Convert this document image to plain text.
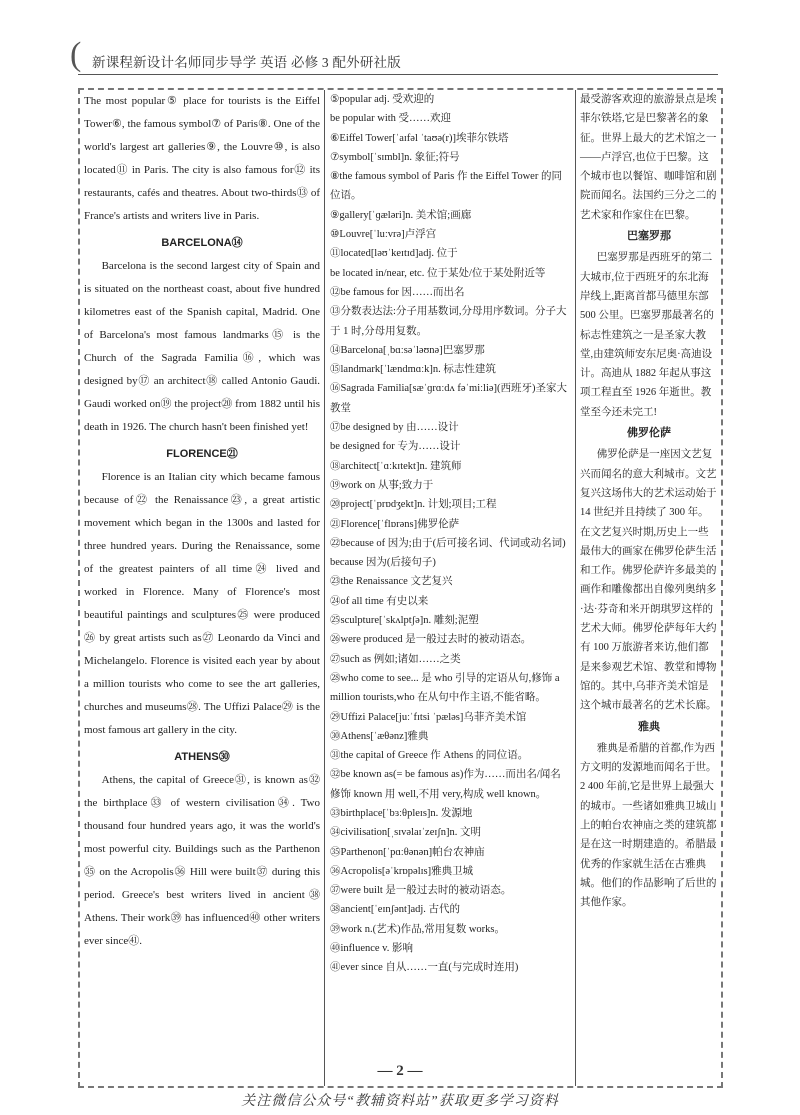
( 新课程新设计名师同步导学 英语 必修 3 配外研社版
The most popular⑤ place for tourists is the Eiffel Tower⑥, the famous symbol⑦ of Paris⑧. One of the world's largest art galleries⑨, the Louvre⑩, is also located⑪ in Paris. The city is also famous for⑫ its restaurants, cafés and theatres. About two-thirds⑬ of France's artists and writers live in Paris.
BARCELONA⑭
Barcelona is the second largest city of Spain and is situated on the northeast coast, about five hundred kilometres east of the Spanish capital, Madrid. One of Barcelona's most famous landmarks⑮ is the Church of the Sagrada Familia⑯, which was designed by⑰ an architect⑱ called Antonio Gaudi. Gaudi worked on⑲ the project⑳ from 1882 until his death in 1926. The church hasn't been finished yet!
FLORENCE㉑
Florence is an Italian city which became famous because of㉒ the Renaissance㉓, a great artistic movement which began in the 1300s and lasted for three hundred years. During the Renaissance, some of the greatest painters of all time㉔ lived and worked in Florence. Many of Florence's most beautiful paintings and sculptures㉕ were produced㉖ by great artists such as㉗ Leonardo da Vinci and Michelangelo. Florence is visited each year by about a million tourists who come to see the art galleries, churches and museums㉘. The Uffizi Palace㉙ is the most famous art gallery in the city.
ATHENS㉚
Athens, the capital of Greece㉛, is known as㉜ the birthplace㉝ of western civilisation㉞. Two thousand four hundred years ago, it was the world's most powerful city. Buildings such as the Parthenon㉟ on the Acropolis㊱ Hill were built㊲ during this period. Greece's best writers lived in ancient㊳ Athens. Their work㊴ has influenced㊵ other writers ever since㊶.
⑤popular adj. 受欢迎的
be popular with 受……欢迎
⑥Eiffel Tower[ˈaɪfəl ˈtaʊə(r)]埃菲尔铁塔
⑦symbol[ˈsɪmbl]n. 象征;符号
⑧the famous symbol of Paris 作 the Eiffel Tower 的同位语。
⑨gallery[ˈɡæləri]n. 美术馆;画廊
⑩Louvre[ˈluːvrə]卢浮宫
⑪located[ləʊˈkeɪtɪd]adj. 位于
be located in/near, etc. 位于某处/位于某处附近等
⑫be famous for 因……而出名
⑬分数表达法:分子用基数词,分母用序数词。分子大于 1 时,分母用复数。
⑭Barcelona[ˌbɑːsəˈləʊnə]巴塞罗那
⑮landmark[ˈlændmɑːk]n. 标志性建筑
⑯Sagrada Familia[sæˈɡrɑːdʌ fəˈmiːliə](西班牙)圣家大教堂
⑰be designed by 由……设计
be designed for 专为……设计
⑱architect[ˈɑːkɪtekt]n. 建筑师
⑲work on 从事;致力于
⑳project[ˈprɒdʒekt]n. 计划;项目;工程
㉑Florence[ˈflɒrəns]佛罗伦萨
㉒because of 因为;由于(后可接名词、代词或动名词)
because 因为(后接句子)
㉓the Renaissance 文艺复兴
㉔of all time 有史以来
㉕sculpture[ˈskʌlptʃə]n. 雕刻;泥塑
㉖were produced 是一般过去时的被动语态。
㉗such as 例如;诸如……之类
㉘who come to see... 是 who 引导的定语从句,修饰 a million tourists,who 在从句中作主语,不能省略。
㉙Uffizi Palace[juːˈfɪtsi ˈpæləs]乌菲齐美术馆
㉚Athens[ˈæθənz]雅典
㉛the capital of Greece 作 Athens 的同位语。
㉜be known as(= be famous as)作为……而出名/闻名
修饰 known 用 well,不用 very,构成 well known。
㉝birthplace[ˈbɜːθpleɪs]n. 发源地
㉞civilisation[ˌsɪvəlaɪˈzeɪʃn]n. 文明
㉟Parthenon[ˈpɑːθənən]帕台农神庙
㊱Acropolis[əˈkrɒpəlɪs]雅典卫城
㊲were built 是一般过去时的被动语态。
㊳ancient[ˈeɪnʃənt]adj. 古代的
㊴work n.(艺术)作品,常用复数 works。
㊵influence v. 影响
㊶ever since 自从……一直(与完成时连用)
最受游客欢迎的旅游景点是埃菲尔铁塔,它是巴黎著名的象征。世界上最大的艺术馆之一——卢浮宫,也位于巴黎。这个城市也以餐馆、咖啡馆和剧院而闻名。法国约三分之二的艺术家和作家住在巴黎。
巴塞罗那
巴塞罗那是西班牙的第二大城市,位于西班牙的东北海岸线上,距离首都马德里东部 500 公里。巴塞罗那最著名的标志性建筑之一是圣家大教堂,由建筑师安东尼奥·高迪设计。高迪从 1882 年起从事这项工程直至 1926 年逝世。教堂至今还未完工!
佛罗伦萨
佛罗伦萨是一座因文艺复兴而闻名的意大利城市。文艺复兴这场伟大的艺术运动始于 14 世纪并且持续了 300 年。在文艺复兴时期,历史上一些最伟大的画家在佛罗伦萨生活和工作。佛罗伦萨许多最美的画作和雕像都出自像列奥纳多·达·芬奇和米开朗琪罗这样的艺术大师。佛罗伦萨每年大约有 100 万旅游者来访,他们都是来参观艺术馆、教堂和博物馆的。其中,乌菲齐美术馆是这个城市最著名的艺术长廊。
雅典
雅典是希腊的首都,作为西方文明的发源地而闻名于世。2 400 年前,它是世界上最强大的城市。一些诸如雅典卫城山上的帕台农神庙之类的建筑都是在这一时期建造的。希腊最优秀的作家就生活在古雅典城。他们的作品影响了后世的其他作家。
— 2 —
关注微信公众号“教辅资料站”获取更多学习资料
